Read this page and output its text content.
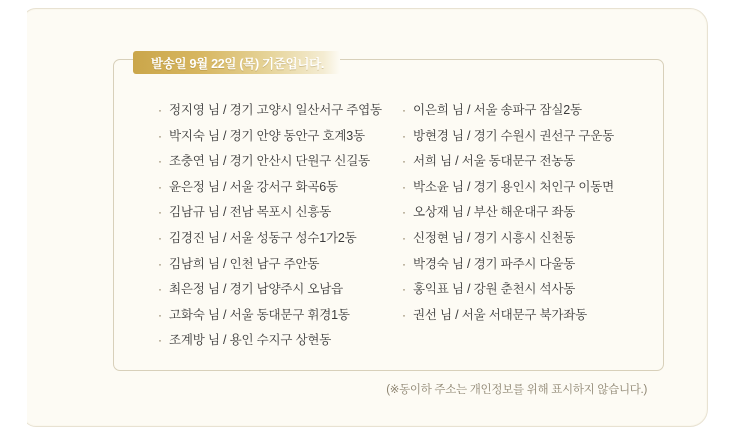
발송일 9월 22일 (목) 기준입니다.
· 정지영 님 / 경기 고양시 일산서구 주엽동
· 박지숙 님 / 경기 안양 동안구 호계3동
· 조충연 님 / 경기 안산시 단원구 신길동
· 윤은정 님 / 서울 강서구 화곡6동
· 김남규 님 / 전남 목포시 신흥동
· 김경진 님 / 서울 성동구 성수1가2동
· 김남희 님 / 인천 남구 주안동
· 최은정 님 / 경기 남양주시 오남읍
· 고화숙 님 / 서울 동대문구 휘경1동
· 조계방 님 / 용인 수지구 상현동
· 이은희 님 / 서울 송파구 잠실2동
· 방현경 님 / 경기 수원시 권선구 구운동
· 서희 님 / 서울 동대문구 전농동
· 박소윤 님 / 경기 용인시 처인구 이동면
· 오상재 님 / 부산 해운대구 좌동
· 신정현 님 / 경기 시흥시 신천동
· 박경숙 님 / 경기 파주시 다울동
· 홍익표 님 / 강원 춘천시 석사동
· 권선 님 / 서울 서대문구 북가좌동
(※동이하 주소는 개인정보를 위해 표시하지 않습니다.)
